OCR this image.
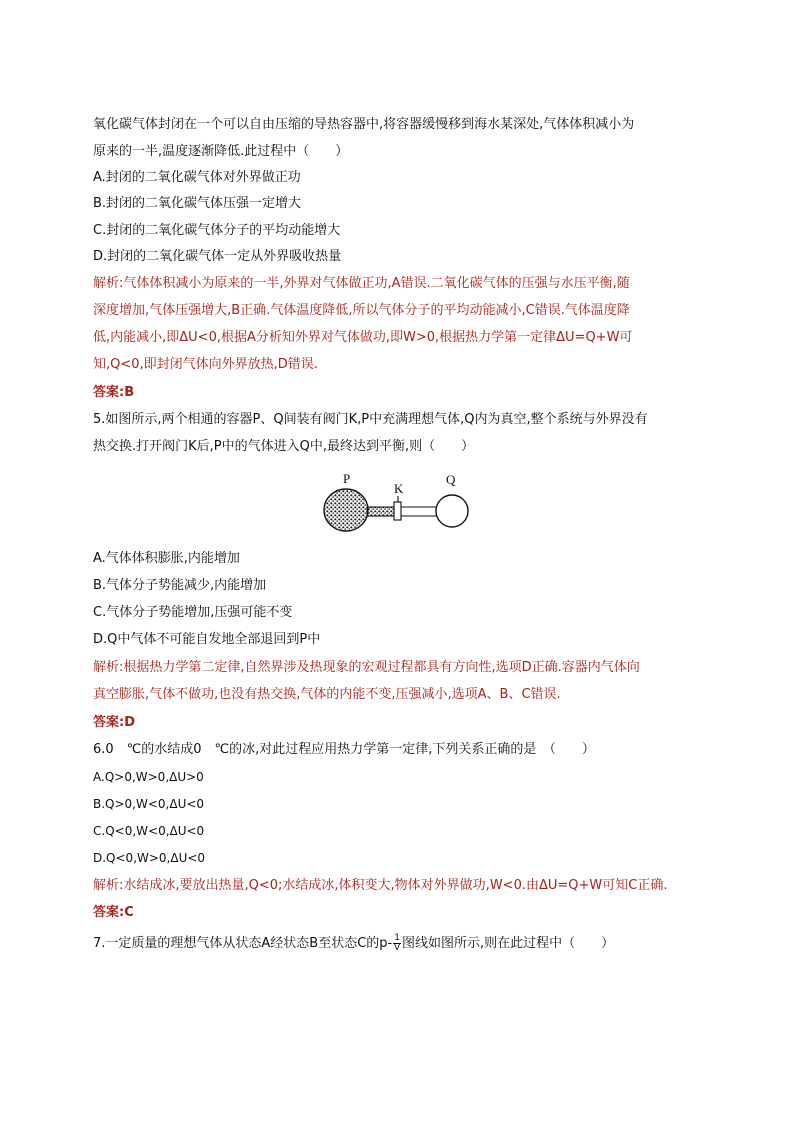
氧化碳气体封闭在一个可以自由压缩的导热容器中,将容器缓慢移到海水某深处,气体体积减小为
原来的一半,温度逐渐降低.此过程中（　　）
A.封闭的二氧化碳气体对外界做正功
B.封闭的二氧化碳气体压强一定增大
C.封闭的二氧化碳气体分子的平均动能增大
D.封闭的二氧化碳气体一定从外界吸收热量
解析:气体体积减小为原来的一半,外界对气体做正功,A错误.二氧化碳气体的压强与水压平衡,随
深度增加,气体压强增大,B正确.气体温度降低,所以气体分子的平均动能减小,C错误.气体温度降
低,内能减小,即ΔU<0,根据A分析知外界对气体做功,即W>0,根据热力学第一定律ΔU=Q+W可
知,Q<0,即封闭气体向外界放热,D错误.
答案:B
5.如图所示,两个相通的容器P、Q间装有阀门K,P中充满理想气体,Q内为真空,整个系统与外界没有
热交换.打开阀门K后,P中的气体进入Q中,最终达到平衡,则（　　）
P
K
Q
A.气体体积膨胀,内能增加
B.气体分子势能减少,内能增加
C.气体分子势能增加,压强可能不变
D.Q中气体不可能自发地全部退回到P中
解析:根据热力学第二定律,自然界涉及热现象的宏观过程都具有方向性,选项D正确.容器内气体向
真空膨胀,气体不做功,也没有热交换,气体的内能不变,压强减小,选项A、B、C错误.
答案:D
6.0　℃的水结成0　℃的冰,对此过程应用热力学第一定律,下列关系正确的是　（　　）
A.Q>0,W>0,ΔU>0
B.Q>0,W<0,ΔU<0
C.Q<0,W<0,ΔU<0
D.Q<0,W>0,ΔU<0
解析:水结成冰,要放出热量,Q<0;水结成冰,体积变大,物体对外界做功,W<0.由ΔU=Q+W可知C正确.
答案:C
7.一定质量的理想气体从状态A经状态B至状态C的$p- \frac{1}{V}$ 图线如图所示,则在此过程中（　　）
